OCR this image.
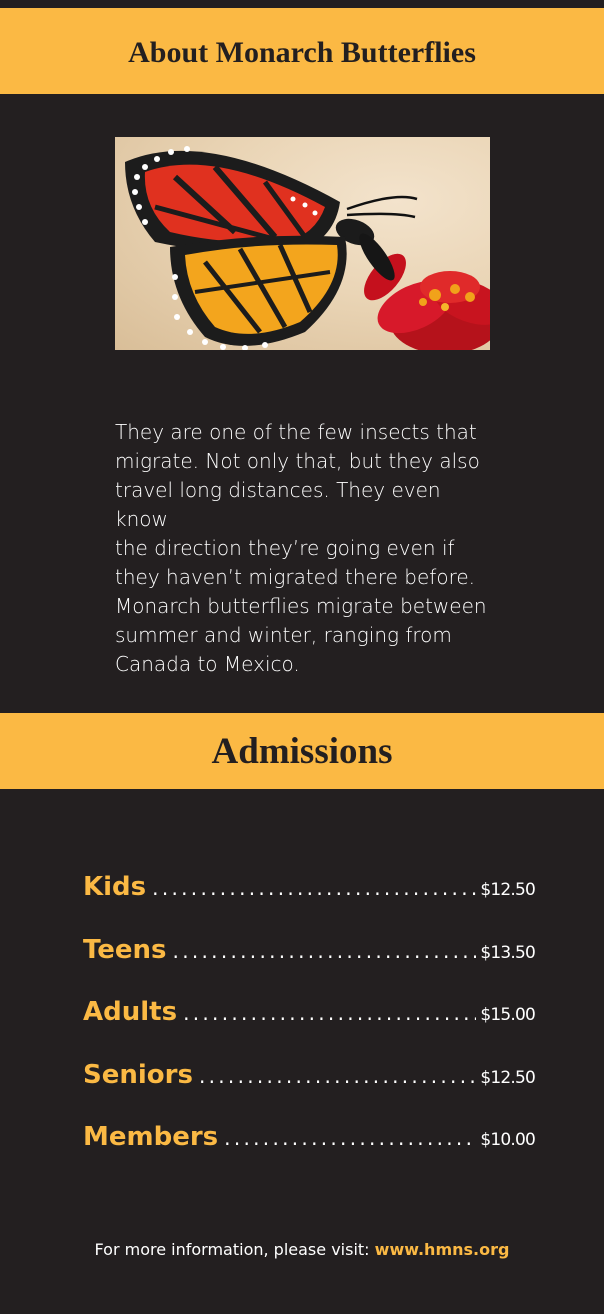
About Monarch Butterflies

They are one of the few insects that
migrate. Not only that, but they also
travel long distances. They even know
the direction they’re going even if
they haven’t migrated there before.
Monarch butterflies migrate between
summer and winter, ranging from
Canada to Mexico.

Admissions
Kids .....	$12.50
Teens .....	$13.50
Adults .....	$15.00
Seniors .....	$12.50
Members .....	$10.00

For more information, please visit: www.hmns.org
